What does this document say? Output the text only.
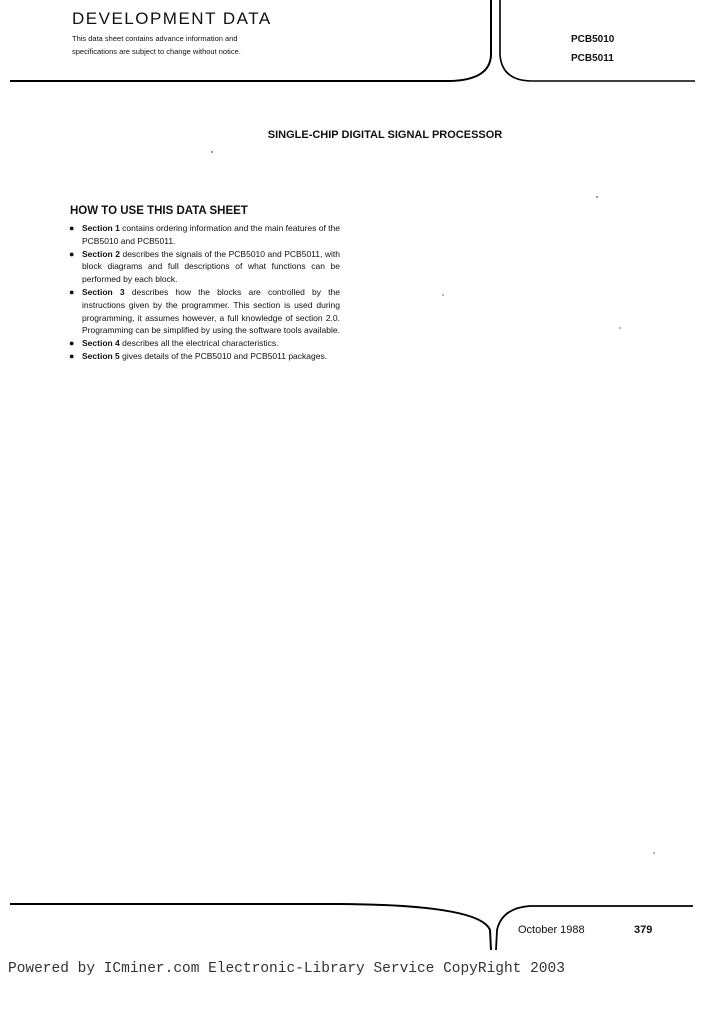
DEVELOPMENT DATA
This data sheet contains advance information and
specifications are subject to change without notice.
PCB5010
PCB5011
SINGLE-CHIP DIGITAL SIGNAL PROCESSOR
HOW TO USE THIS DATA SHEET
● Section 1 contains ordering information and the main features of the PCB5010 and PCB5011.
● Section 2 describes the signals of the PCB5010 and PCB5011, with block diagrams and full descriptions of what functions can be performed by each block.
● Section 3 describes how the blocks are controlled by the instructions given by the programmer. This section is used during programming, it assumes however, a full knowledge of section 2.0. Programming can be simplified by using the software tools available.
● Section 4 describes all the electrical characteristics.
● Section 5 gives details of the PCB5010 and PCB5011 packages.
October 1988	379
Powered by ICminer.com Electronic-Library Service CopyRight 2003
